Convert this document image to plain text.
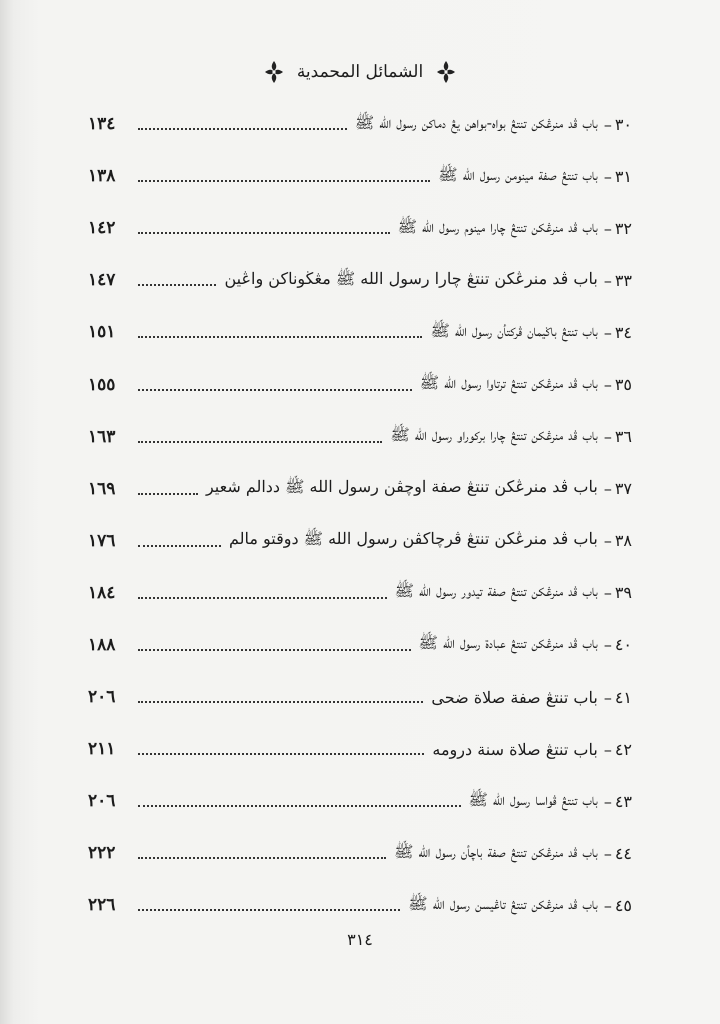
الشمائل المحمدية
٣٠
–
باب ڤد منرڠكن تنتڠ بواه-بواهن يڠ دماكن رسول الله ﷺ
١٣٤
٣١
–
باب تنتڠ صفة مينومن رسول الله ﷺ
١٣٨
٣٢
–
باب ڤد منرڠكن تنتڠ چارا مينوم رسول الله ﷺ
١٤٢
٣٣
–
باب ڤد منرڠكن تنتڠ چارا رسول الله ﷺ مڠڬوناكن واڠين
١٤٧
٣٤
–
باب تنتڠ باڬيمان ڤركتأن رسول الله ﷺ
١٥١
٣٥
–
باب ڤد منرڠكن تنتڠ ترتاوا رسول الله ﷺ
١٥٥
٣٦
–
باب ڤد منرڠكن تنتڠ چارا بركوراو رسول الله ﷺ
١٦٣
٣٧
–
باب ڤد منرڠكن تنتڠ صفة اوچڤن رسول الله ﷺ ددالم شعير
١٦٩
٣٨
–
باب ڤد منرڠكن تنتڠ ڤرچاكڤن رسول الله ﷺ دوقتو مالم
١٧٦
٣٩
–
باب ڤد منرڠكن تنتڠ صفة تيدور رسول الله ﷺ
١٨٤
٤٠
–
باب ڤد منرڠكن تنتڠ عبادة رسول الله ﷺ
١٨٨
٤١
–
باب تنتڠ صفة صلاة ضحى
٢٠٦
٤٢
–
باب تنتڠ صلاة سنة دروم‍ه
٢١١
٤٣
–
باب تنتڠ ڤواسا رسول الله ﷺ
٢٠٦
٤٤
–
باب ڤد منرڠكن تنتڠ صفة باچأن رسول الله ﷺ
٢٢٢
٤٥
–
باب ڤد منرڠكن تنتڠ تاڠيسن رسول الله ﷺ
٢٢٦
٣١٤
